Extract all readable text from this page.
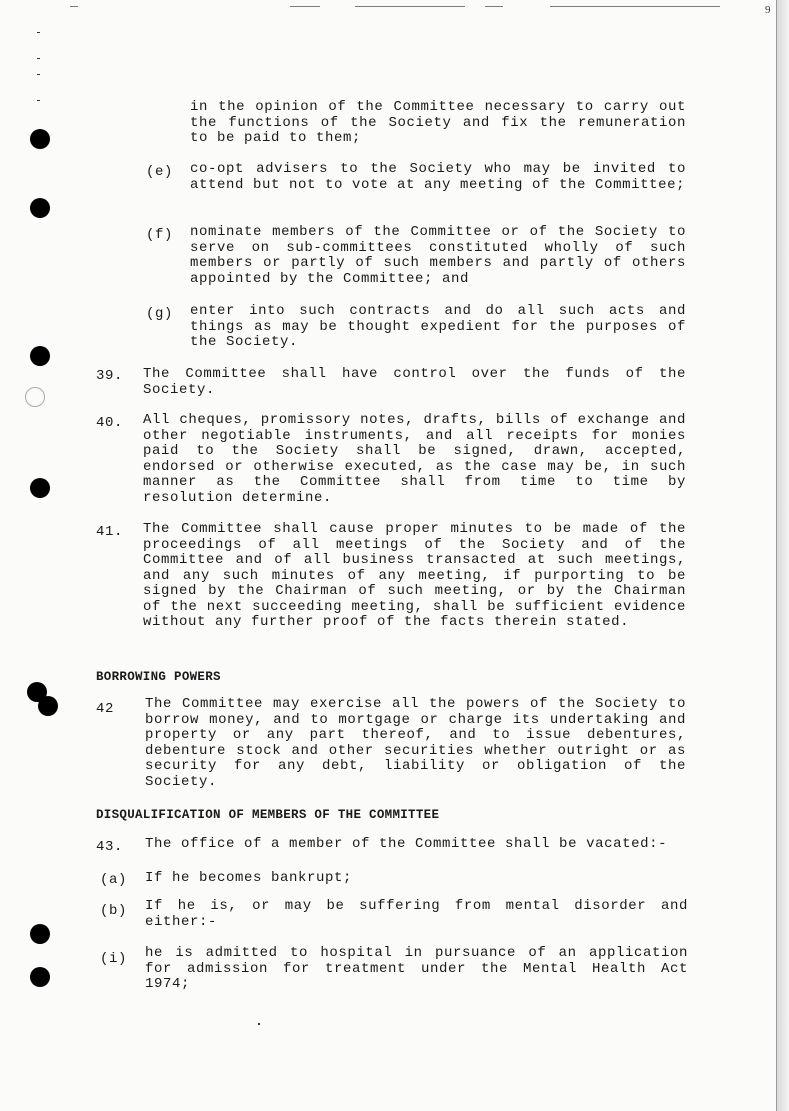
9
in the opinion of the Committee necessary to carry out the functions of the Society and fix the remuneration to be paid to them;
(e) co-opt advisers to the Society who may be invited to attend but not to vote at any meeting of the Committee;
(f) nominate members of the Committee or of the Society to serve on sub-committees constituted wholly of such members or partly of such members and partly of others appointed by the Committee; and
(g) enter into such contracts and do all such acts and things as may be thought expedient for the purposes of the Society.
39. The Committee shall have control over the funds of the Society.
40. All cheques, promissory notes, drafts, bills of exchange and other negotiable instruments, and all receipts for monies paid to the Society shall be signed, drawn, accepted, endorsed or otherwise executed, as the case may be, in such manner as the Committee shall from time to time by resolution determine.
41. The Committee shall cause proper minutes to be made of the proceedings of all meetings of the Society and of the Committee and of all business transacted at such meetings, and any such minutes of any meeting, if purporting to be signed by the Chairman of such meeting, or by the Chairman of the next succeeding meeting, shall be sufficient evidence without any further proof of the facts therein stated.
BORROWING POWERS
42 The Committee may exercise all the powers of the Society to borrow money, and to mortgage or charge its undertaking and property or any part thereof, and to issue debentures, debenture stock and other securities whether outright or as security for any debt, liability or obligation of the Society.
DISQUALIFICATION OF MEMBERS OF THE COMMITTEE
43. The office of a member of the Committee shall be vacated:-
(a) If he becomes bankrupt;
(b) If he is, or may be suffering from mental disorder and either:-
(i) he is admitted to hospital in pursuance of an application for admission for treatment under the Mental Health Act 1974;
